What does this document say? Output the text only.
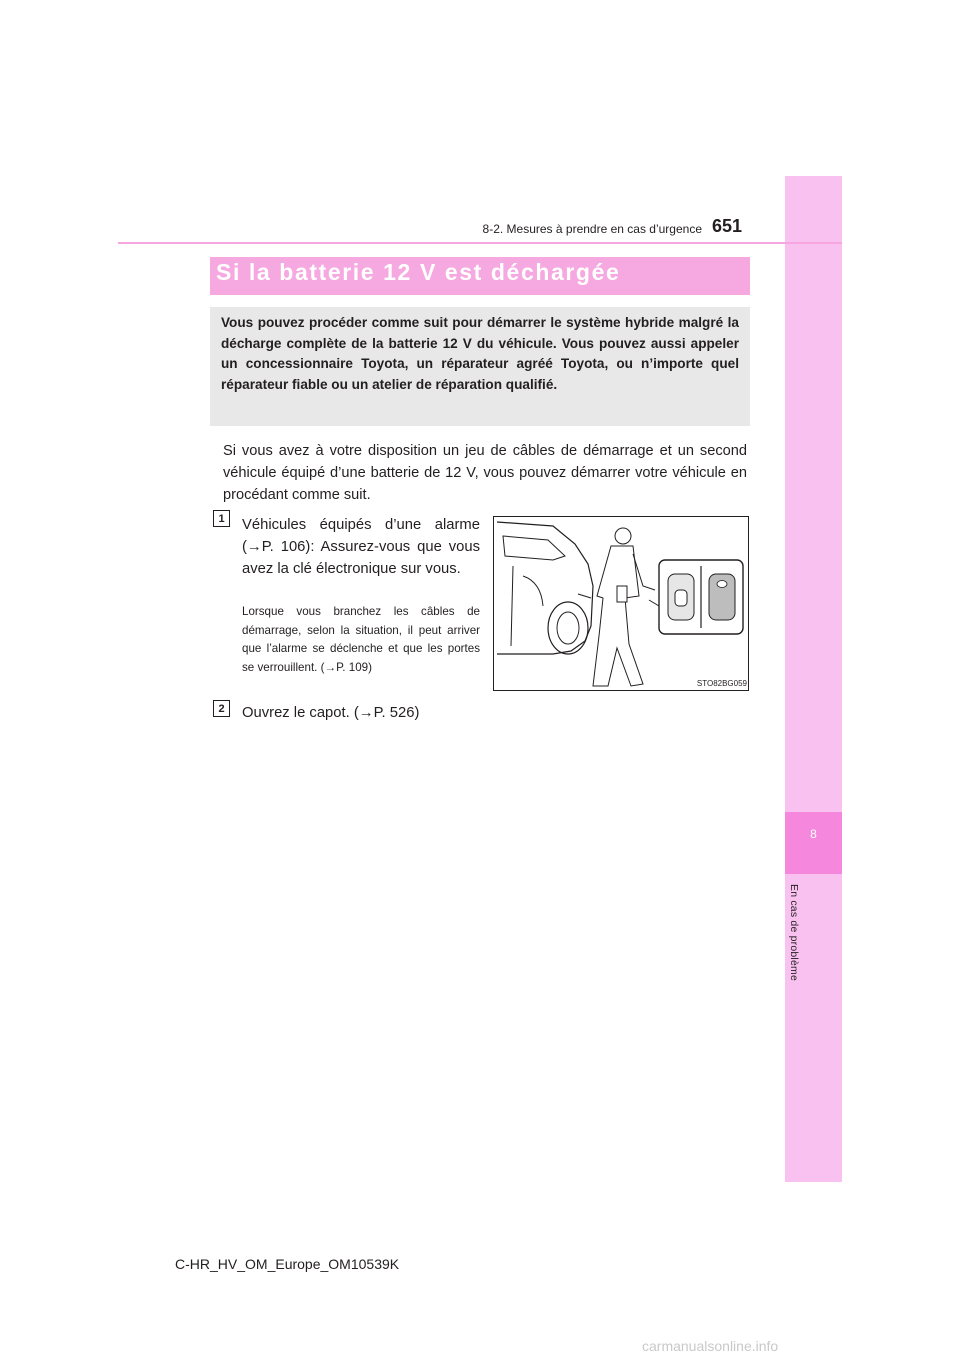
8
En cas de problème
8-2. Mesures à prendre en cas d’urgence 651
Si la batterie 12 V est déchargée
Vous pouvez procéder comme suit pour démarrer le système hybride malgré la décharge complète de la batterie 12 V du véhicule. Vous pouvez aussi appeler un concessionnaire Toyota, un réparateur agréé Toyota, ou n’importe quel réparateur fiable ou un atelier de réparation qualifié.
Si vous avez à votre disposition un jeu de câbles de démarrage et un second véhicule équipé d’une batterie de 12 V, vous pouvez démarrer votre véhicule en procédant comme suit.
1	Véhicules équipés d’une alarme (→P. 106): Assurez-vous que vous avez la clé électronique sur vous.
Lorsque vous branchez les câbles de démarrage, selon la situation, il peut arriver que l’alarme se déclenche et que les portes se verrouillent. (→P. 109)
2	Ouvrez le capot. (→P. 526)
STO82BG059
C-HR_HV_OM_Europe_OM10539K
carmanualsonline.info
